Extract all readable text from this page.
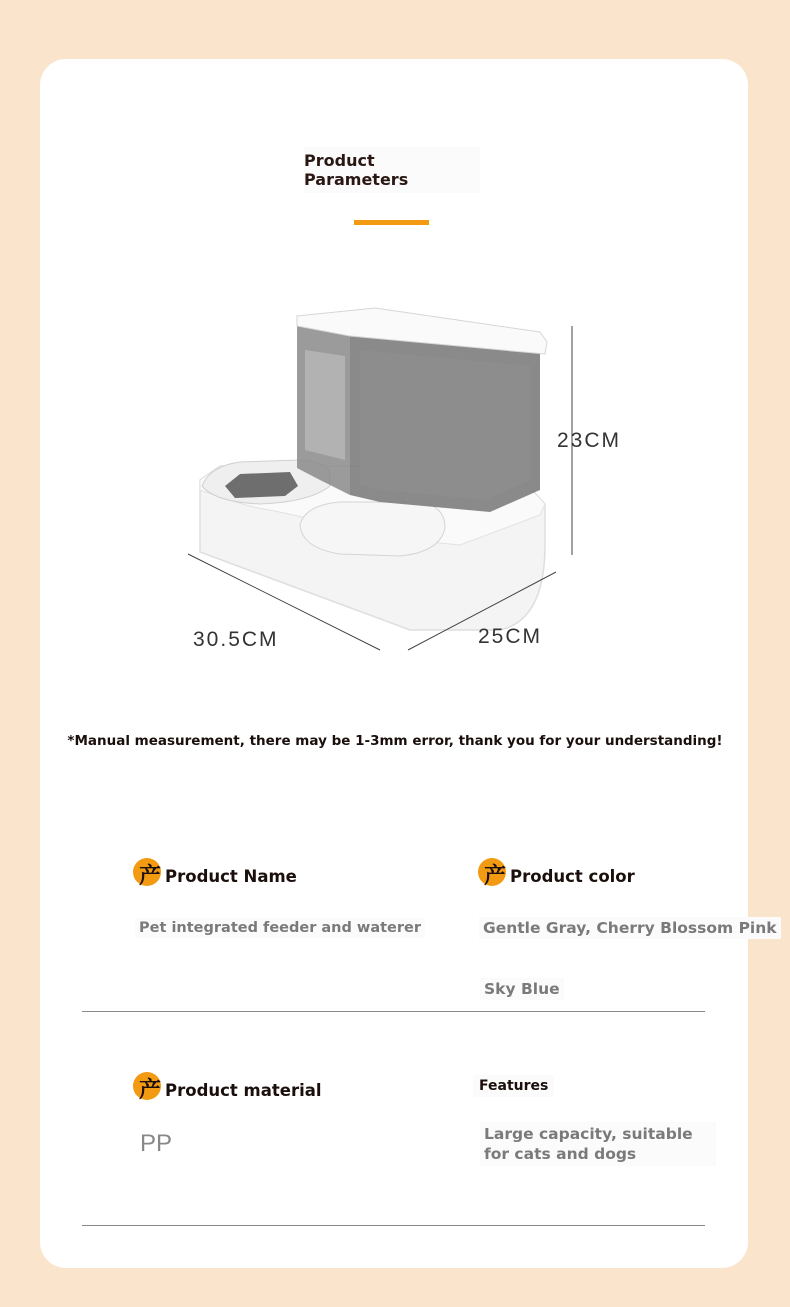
Product Parameters
23CM
30.5CM	25CM
*Manual measurement, there may be 1-3mm error, thank you for your understanding!
产 Product Name
Pet integrated feeder and waterer
产 Product color
Gentle Gray, Cherry Blossom Pink
Sky Blue
产 Product material
PP
Features
Large capacity, suitable for cats and dogs
